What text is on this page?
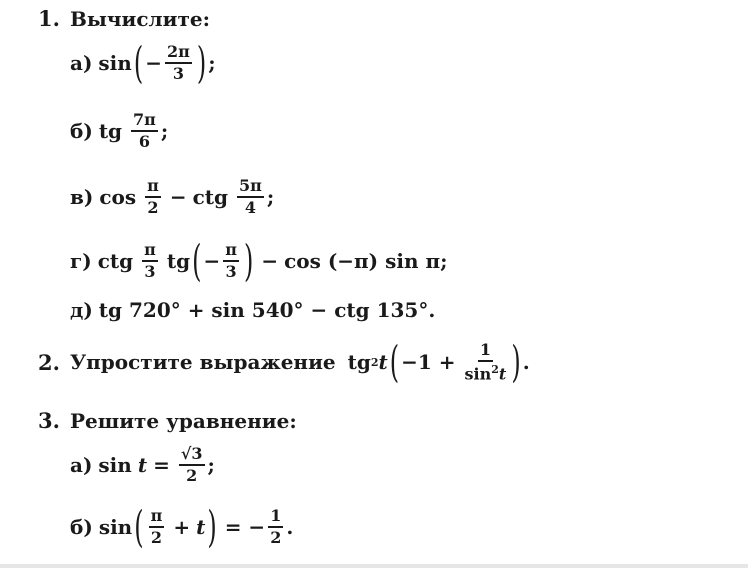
1. Вычислите:
а) sin ( − $\frac{2\pi}{3}$ ) ;
б) tg $\frac{7\pi}{6}$ ;
в) $\cos \frac{\pi}{2}$ − ctg $\frac{5\pi}{4}$ ;
г) ctg $\frac{\pi}{3}$ tg ( − $\frac{\pi}{3}$ ) − cos (−π) sin π;
д) tg 720° + sin 540° − ctg 135°.
2. Упростите выражение tg 2 t ( $-1 + \frac{1}{\sin^2t}$ ) .
3. Решите уравнение:
а) $\sin t = \frac{√3}{2}$ ;
б) sin ( $\frac{\pi}{2} + t$ ) = − $\frac{1}{2}$ .
